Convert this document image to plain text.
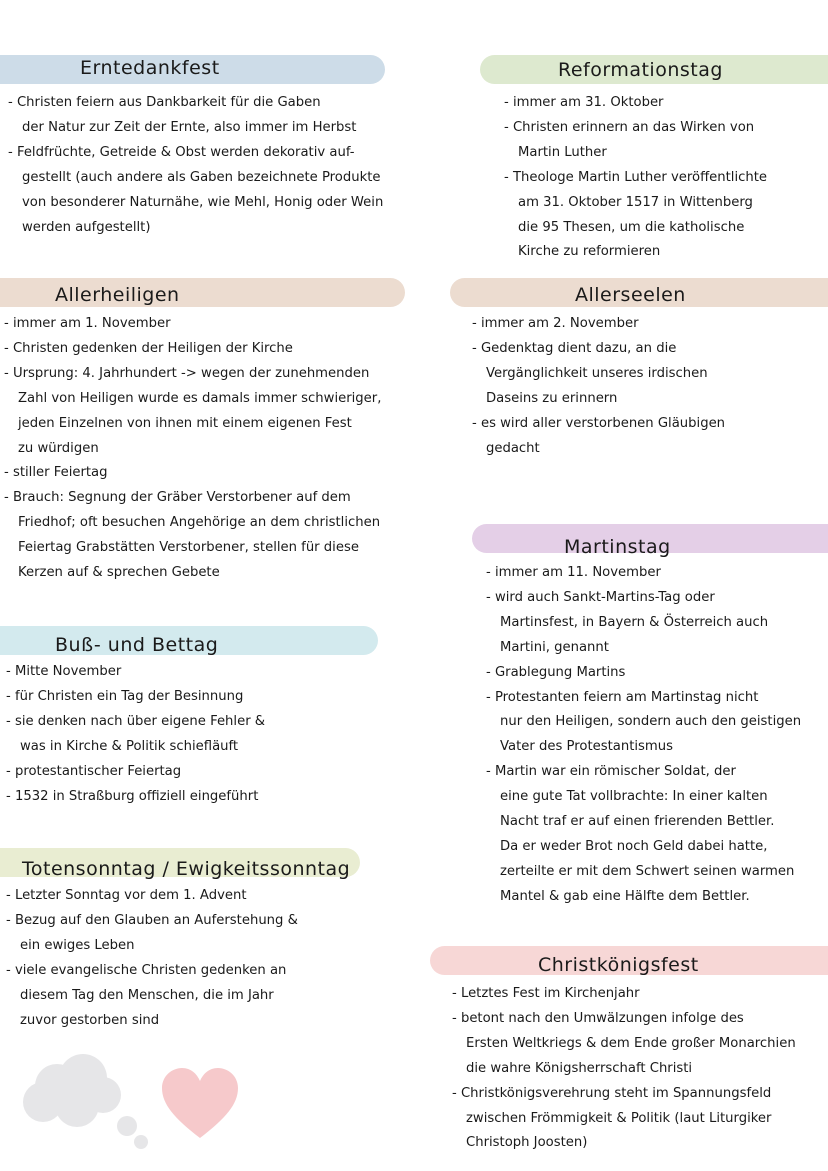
Erntedankfest
- Christen feiern aus Dankbarkeit für die Gaben
der Natur zur Zeit der Ernte, also immer im Herbst
- Feldfrüchte, Getreide & Obst werden dekorativ auf-
gestellt (auch andere als Gaben bezeichnete Produkte
von besonderer Naturnähe, wie Mehl, Honig oder Wein
werden aufgestellt)
Reformationstag
- immer am 31. Oktober
- Christen erinnern an das Wirken von
Martin Luther
- Theologe Martin Luther veröffentlichte
am 31. Oktober 1517 in Wittenberg
die 95 Thesen, um die katholische
Kirche zu reformieren
Allerheiligen
- immer am 1. November
- Christen gedenken der Heiligen der Kirche
- Ursprung: 4. Jahrhundert -> wegen der zunehmenden
Zahl von Heiligen wurde es damals immer schwieriger,
jeden Einzelnen von ihnen mit einem eigenen Fest
zu würdigen
- stiller Feiertag
- Brauch: Segnung der Gräber Verstorbener auf dem
Friedhof; oft besuchen Angehörige an dem christlichen
Feiertag Grabstätten Verstorbener, stellen für diese
Kerzen auf & sprechen Gebete
Allerseelen
- immer am 2. November
- Gedenktag dient dazu, an die
Vergänglichkeit unseres irdischen
Daseins zu erinnern
- es wird aller verstorbenen Gläubigen
gedacht
Buß- und Bettag
- Mitte November
- für Christen ein Tag der Besinnung
- sie denken nach über eigene Fehler &
was in Kirche & Politik schiefläuft
- protestantischer Feiertag
- 1532 in Straßburg offiziell eingeführt
Martinstag
- immer am 11. November
- wird auch Sankt-Martins-Tag oder
Martinsfest, in Bayern & Österreich auch
Martini, genannt
- Grablegung Martins
- Protestanten feiern am Martinstag nicht
nur den Heiligen, sondern auch den geistigen
Vater des Protestantismus
- Martin war ein römischer Soldat, der
eine gute Tat vollbrachte: In einer kalten
Nacht traf er auf einen frierenden Bettler.
Da er weder Brot noch Geld dabei hatte,
zerteilte er mit dem Schwert seinen warmen
Mantel & gab eine Hälfte dem Bettler.
Totensonntag / Ewigkeitssonntag
- Letzter Sonntag vor dem 1. Advent
- Bezug auf den Glauben an Auferstehung &
ein ewiges Leben
- viele evangelische Christen gedenken an
diesem Tag den Menschen, die im Jahr
zuvor gestorben sind
Christkönigsfest
- Letztes Fest im Kirchenjahr
- betont nach den Umwälzungen infolge des
Ersten Weltkriegs & dem Ende großer Monarchien
die wahre Königsherrschaft Christi
- Christkönigsverehrung steht im Spannungsfeld
zwischen Frömmigkeit & Politik (laut Liturgiker
Christoph Joosten)
